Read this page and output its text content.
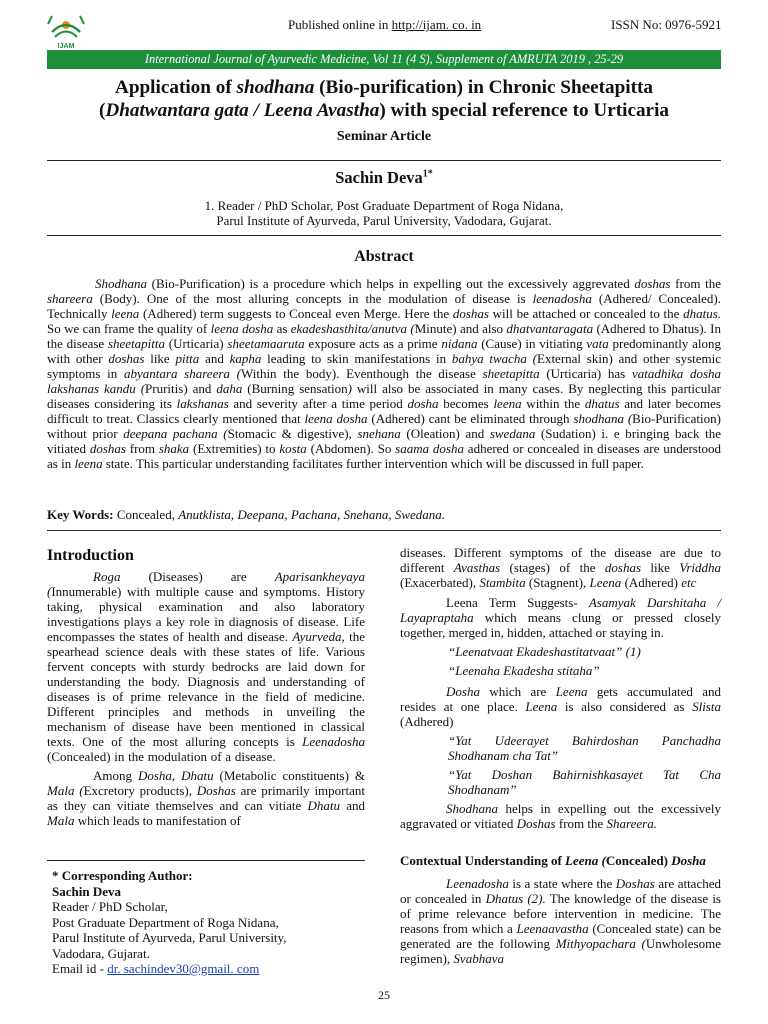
IJAM
Published online in http://ijam. co. in	ISSN No: 0976-5921
International Journal of Ayurvedic Medicine, Vol 11 (4 S), Supplement of AMRUTA 2019 , 25-29
Application of shodhana (Bio-purification) in Chronic Sheetapitta
(Dhatwantara gata / Leena Avastha) with special reference to Urticaria
Seminar Article
Sachin Deva$^{1*}$
1. Reader / PhD Scholar, Post Graduate Department of Roga Nidana,
Parul Institute of Ayurveda, Parul University, Vadodara, Gujarat.
Abstract

Shodhana (Bio-Purification) is a procedure which helps in expelling out the excessively aggrevated doshas from the shareera (Body). One of the most alluring concepts in the modulation of disease is leenadosha (Adhered/ Concealed). Technically leena (Adhered) term suggests to Conceal even Merge. Here the doshas will be attached or concealed to the dhatus. So we can frame the quality of leena dosha as ekadeshasthita/anutva (Minute) and also dhatvantaragata (Adhered to Dhatus). In the disease sheetapitta (Urticaria) sheetamaaruta exposure acts as a prime nidana (Cause) in vitiating vata predominantly along with other doshas like pitta and kapha leading to skin manifestations in bahya twacha (External skin) and other systemic symptoms in abyantara shareera (Within the body). Eventhough the disease sheetapitta (Urticaria) has vatadhika dosha lakshanas kandu (Pruritis) and daha (Burning sensation) will also be associated in many cases. By neglecting this particular diseases considering its lakshanas and severity after a time period dosha becomes leena within the dhatus and later becomes difficult to treat. Classics clearly mentioned that leena dosha (Adhered) cant be eliminated through shodhana (Bio-Purification) without prior deepana pachana (Stomacic & digestive), snehana (Oleation) and swedana (Sudation) i. e bringing back the vitiated doshas from shaka (Extremities) to kosta (Abdomen). So saama dosha adhered or concealed in diseases are understood as in leena state. This particular understanding facilitates further intervention which will be discussed in full paper.

Key Words: Concealed, Anutklista, Deepana, Pachana, Snehana, Swedana.
Introduction

Roga (Diseases) are Aparisankheyaya (Innumerable) with multiple cause and symptoms. History taking, physical examination and also laboratory investigations plays a key role in diagnosis of disease. Life encompasses the states of health and disease. Ayurveda, the spearhead science deals with these states of life. Various fervent concepts with sturdy bedrocks are laid down for understanding the body. Diagnosis and understanding of diseases is of prime relevance in the field of medicine. Different principles and methods in unveiling the mechanism of disease have been mentioned in classical texts. One of the most alluring concepts is Leenadosha (Concealed) in the modulation of a disease.

Among Dosha, Dhatu (Metabolic constituents) & Mala (Excretory products), Doshas are primarily important as they can vitiate themselves and can vitiate Dhatu and Mala which leads to manifestation of

diseases. Different symptoms of the disease are due to different Avasthas (stages) of the doshas like Vriddha (Exacerbated), Stambita (Stagnent), Leena (Adhered) etc

Leena Term Suggests- Asamyak Darshitaha / Layapraptaha which means clung or pressed closely together, merged in, hidden, attached or staying in.

“Leenatvaat Ekadeshastitatvaat” (1)

“Leenaha Ekadesha stitaha”

Dosha which are Leena gets accumulated and resides at one place. Leena is also considered as Slista (Adhered)

“Yat Udeerayet Bahirdoshan Panchadha Shodhanam cha Tat”

“Yat Doshan Bahirnishkasayet Tat Cha Shodhanam”

Shodhana helps in expelling out the excessively aggravated or vitiated Doshas from the Shareera.

Contextual Understanding of Leena (Concealed) Dosha

Leenadosha is a state where the Doshas are attached or concealed in Dhatus (2). The knowledge of the disease is of prime relevance before intervention in medicine. The reasons from which a Leenaavastha (Concealed state) can be generated are the following Mithyopachara (Unwholesome regimen), Svabhava

* Corresponding Author:
Sachin Deva
Reader / PhD Scholar,
Post Graduate Department of Roga Nidana,
Parul Institute of Ayurveda, Parul University,
Vadodara, Gujarat.
Email id - dr. sachindev30@gmail. com
25
